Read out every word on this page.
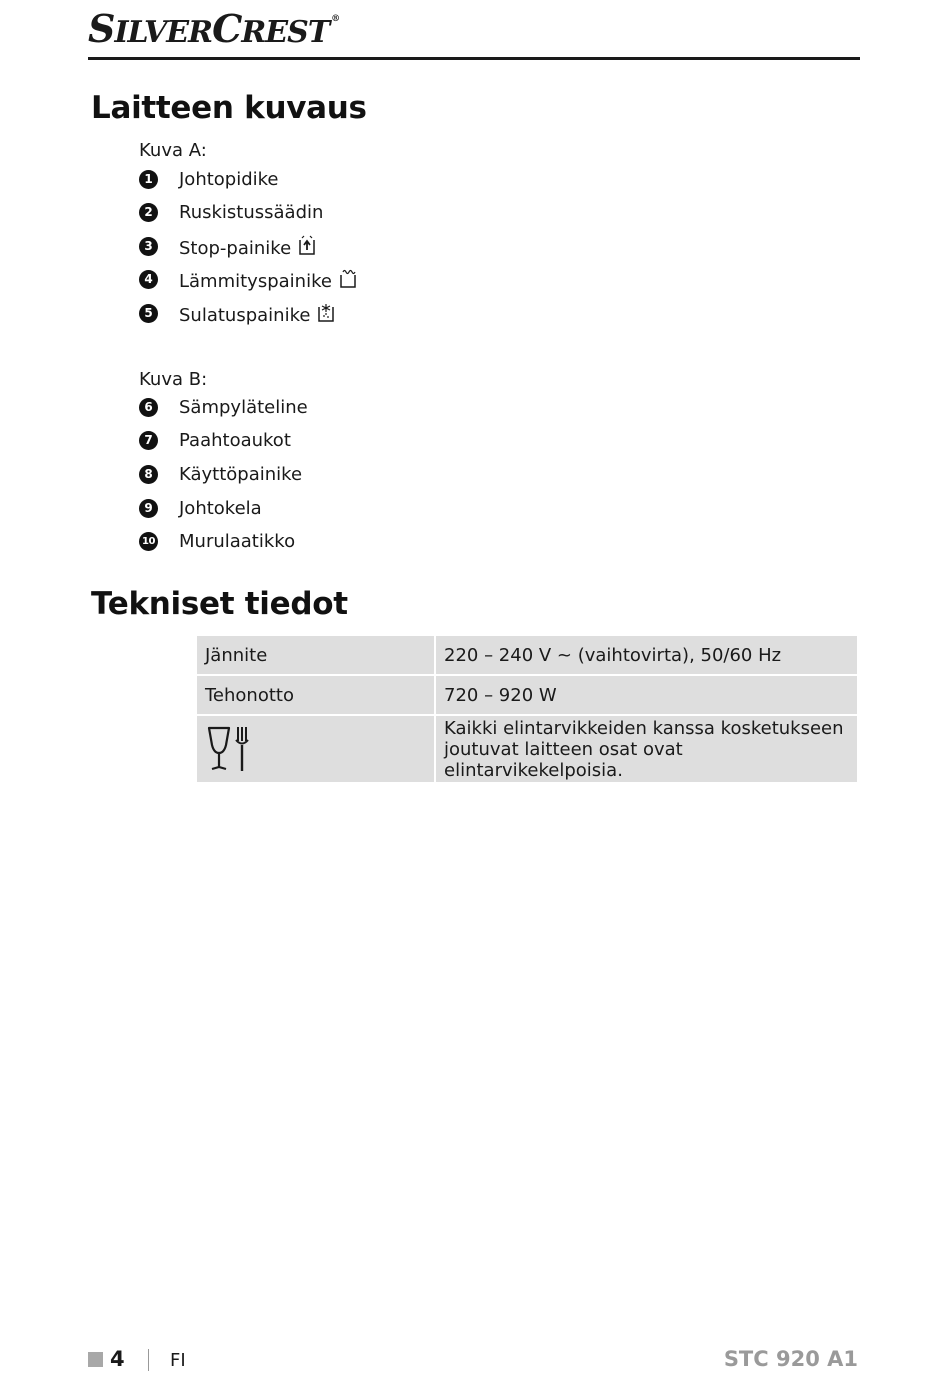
SILVERCREST ®
Laitteen kuvaus
Kuva A:
1 Johtopidike
2 Ruskistussäädin
3 Stop-painike
4 Lämmityspainike
5 Sulatuspainike
Kuva B:
6 Sämpyläteline
7 Paahtoaukot
8 Käyttöpainike
9 Johtokela
10 Murulaatikko
Tekniset tiedot
Jännite	220 – 240 V ~ (vaihtovirta), 50/60 Hz
Tehonotto	720 – 920 W

Kaikki elintarvikkeiden kanssa kosketukseen
joutuvat laitteen osat ovat elintarvikekelpoisia.
4	FI	STC 920 A1
